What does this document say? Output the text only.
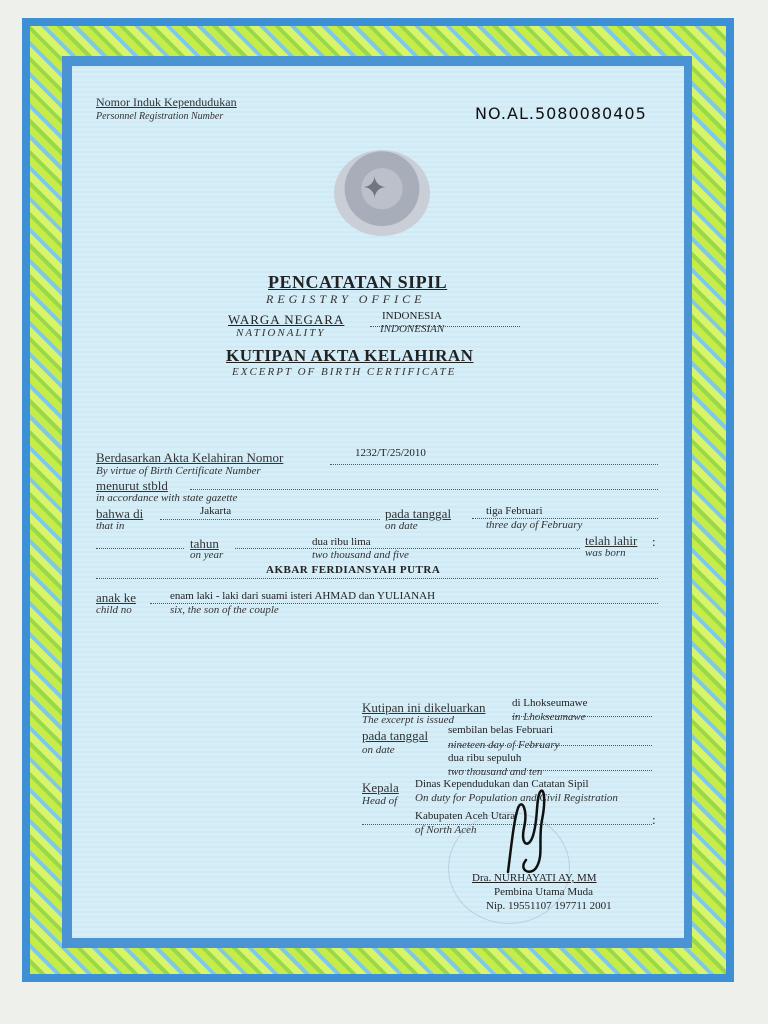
Nomor Induk Kependudukan
Personnel Registration Number	NO.AL.5080080405
✦
PENCATATAN SIPIL
REGISTRY OFFICE
WARGA NEGARA
NATIONALITY
INDONESIA
INDONESIAN
KUTIPAN AKTA KELAHIRAN
EXCERPT OF BIRTH CERTIFICATE
Berdasarkan Akta Kelahiran Nomor
By virtue of Birth Certificate Number
1232/T/25/2010
menurut stbld
in accordance with state gazette
bahwa di
that in
Jakarta	pada tanggal
on date
tiga Februari
three day of February
tahun
on year
dua ribu lima
two thousand and five
telah lahir
was born
:
AKBAR FERDIANSYAH PUTRA
anak ke
child no
enam laki - laki dari suami isteri AHMAD dan YULIANAH
six, the son of the couple
Kutipan ini dikeluarkan
The excerpt is issued
di Lhokseumawe
in Lhokseumawe
pada tanggal
on date
sembilan belas Februari
nineteen day of February
dua ribu sepuluh
two thousand and ten
Kepala
Head of
Dinas Kependudukan dan Catatan Sipil
On duty for Population and Civil Registration
Kabupaten Aceh Utara
of North Aceh
:
Dra. NURHAYATI AY, MM
Pembina Utama Muda
Nip. 19551107 197711 2001
